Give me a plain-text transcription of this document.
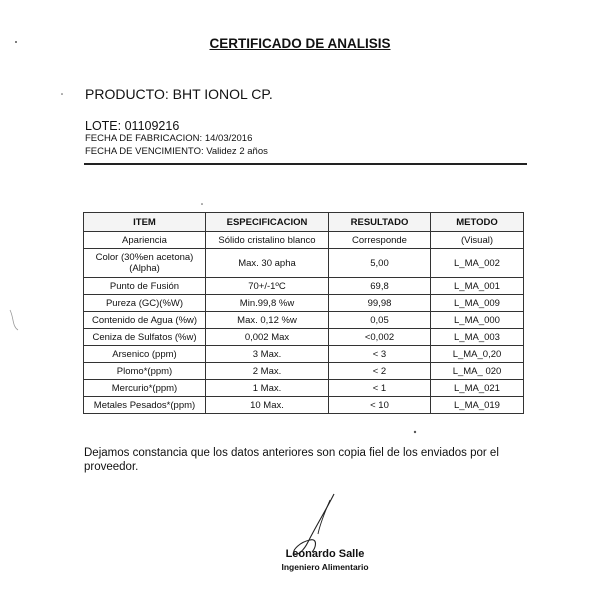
CERTIFICADO DE ANALISIS
PRODUCTO: BHT IONOL CP.
LOTE: 01109216
FECHA DE FABRICACION: 14/03/2016
FECHA DE VENCIMIENTO: Validez 2 años
ITEM	ESPECIFICACION	RESULTADO	METODO
Apariencia	Sólido cristalino blanco	Corresponde	(Visual)
Color (30%en acetona) (Alpha)	Max. 30 apha	5,00	L_MA_002
Punto de Fusión	70+/-1ºC	69,8	L_MA_001
Pureza (GC)(%W)	Min.99,8 %w	99,98	L_MA_009
Contenido de Agua (%w)	Max. 0,12 %w	0,05	L_MA_000
Ceniza de Sulfatos (%w)	0,002 Max	<0,002	L_MA_003
Arsenico (ppm)	3 Max.	< 3	L_MA_0,20
Plomo*(ppm)	2 Max.	< 2	L_MA_ 020
Mercurio*(ppm)	1 Max.	< 1	L_MA_021
Metales Pesados*(ppm)	10 Max.	< 10	L_MA_019
Dejamos constancia que los datos anteriores son copia fiel de los enviados por el proveedor.
Leonardo Salle
Ingeniero Alimentario
